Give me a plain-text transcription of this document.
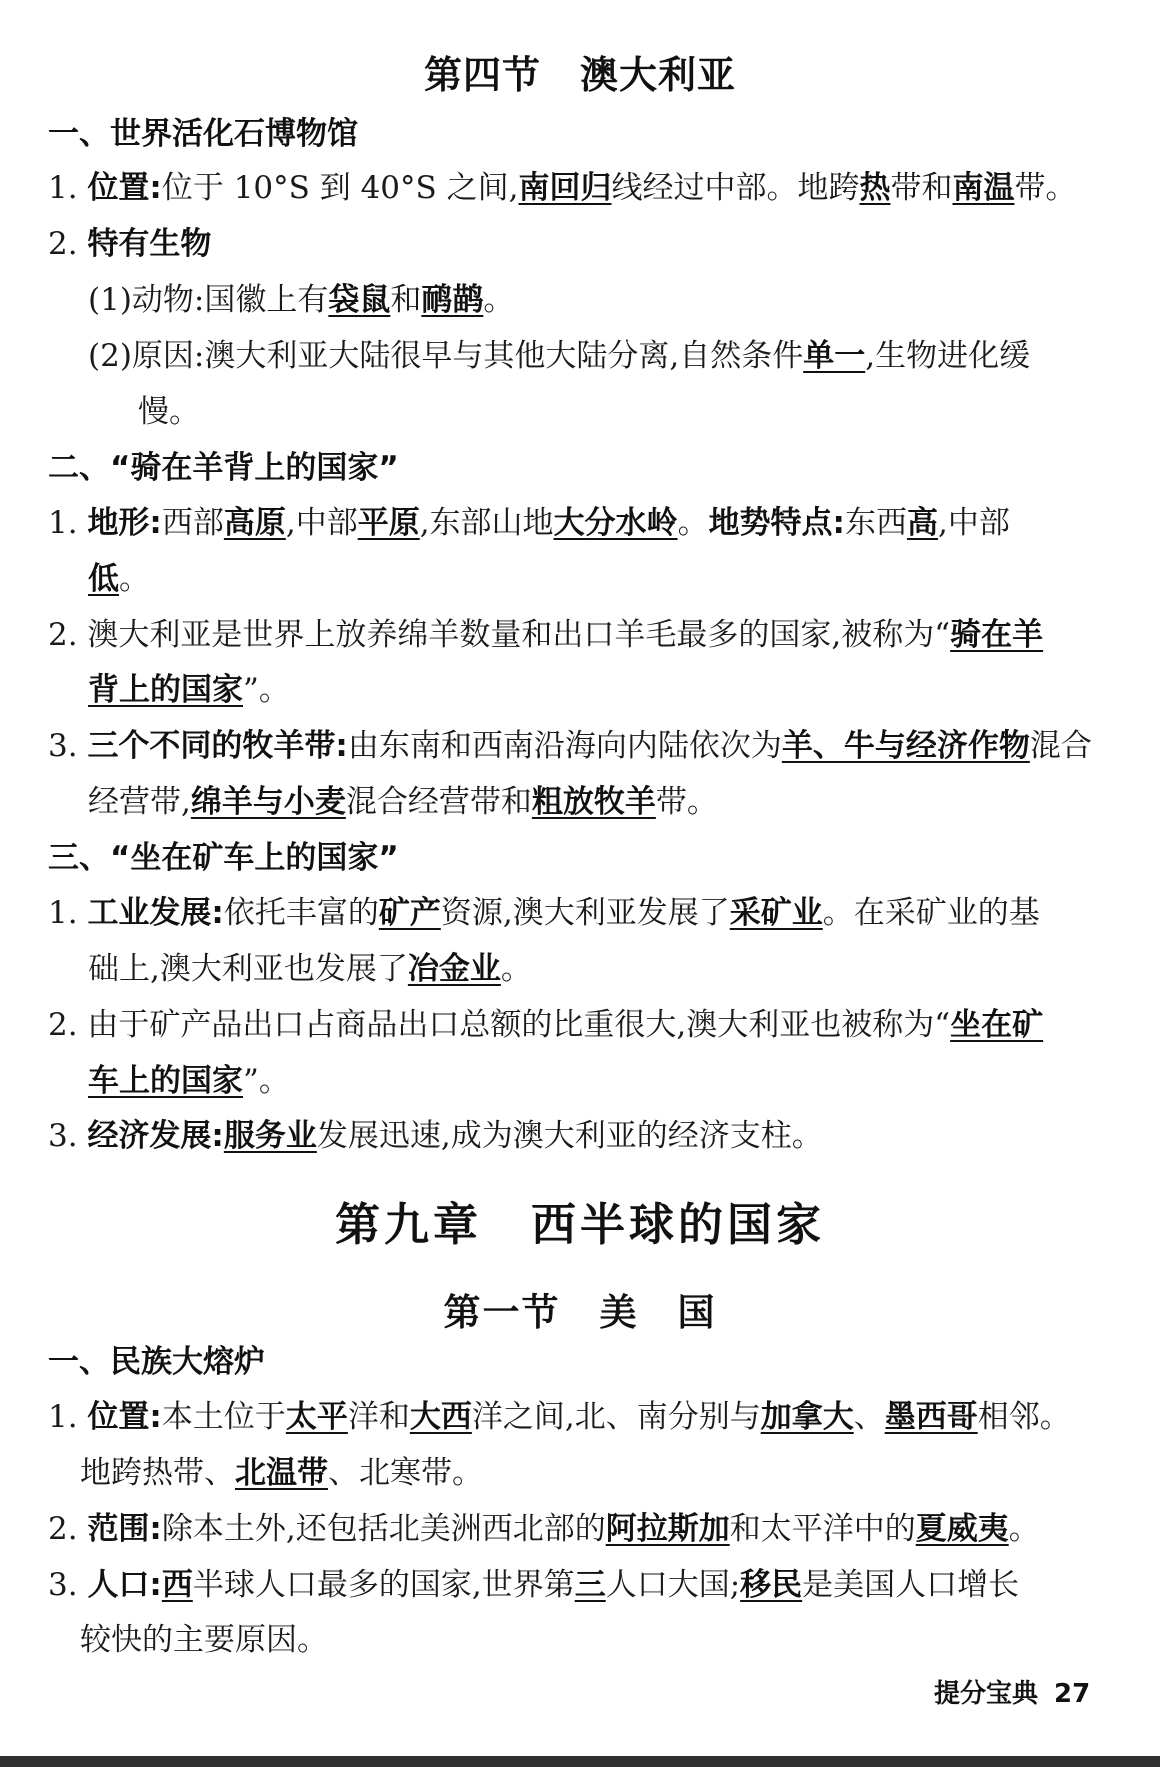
第四节　澳大利亚
第九章　西半球的国家
第一节　美　国
一、世界活化石博物馆
1. 位置:位于 10°S 到 40°S 之间,南回归线经过中部。地跨热带和南温带。
2. 特有生物
(1)动物:国徽上有袋鼠和鸸鹋。
(2)原因:澳大利亚大陆很早与其他大陆分离,自然条件单一,生物进化缓
慢。
二、“骑在羊背上的国家”
1. 地形:西部高原,中部平原,东部山地大分水岭。地势特点:东西高,中部
低。
2. 澳大利亚是世界上放养绵羊数量和出口羊毛最多的国家,被称为“骑在羊
背上的国家”。
3. 三个不同的牧羊带:由东南和西南沿海向内陆依次为羊、牛与经济作物混合
经营带,绵羊与小麦混合经营带和粗放牧羊带。
三、“坐在矿车上的国家”
1. 工业发展:依托丰富的矿产资源,澳大利亚发展了采矿业。在采矿业的基
础上,澳大利亚也发展了冶金业。
2. 由于矿产品出口占商品出口总额的比重很大,澳大利亚也被称为“坐在矿
车上的国家”。
3. 经济发展:服务业发展迅速,成为澳大利亚的经济支柱。
一、民族大熔炉
1. 位置:本土位于太平洋和大西洋之间,北、南分别与加拿大、墨西哥相邻。
地跨热带、北温带、北寒带。
2. 范围:除本土外,还包括北美洲西北部的阿拉斯加和太平洋中的夏威夷。
3. 人口:西半球人口最多的国家,世界第三人口大国;移民是美国人口增长
较快的主要原因。
提分宝典 27
